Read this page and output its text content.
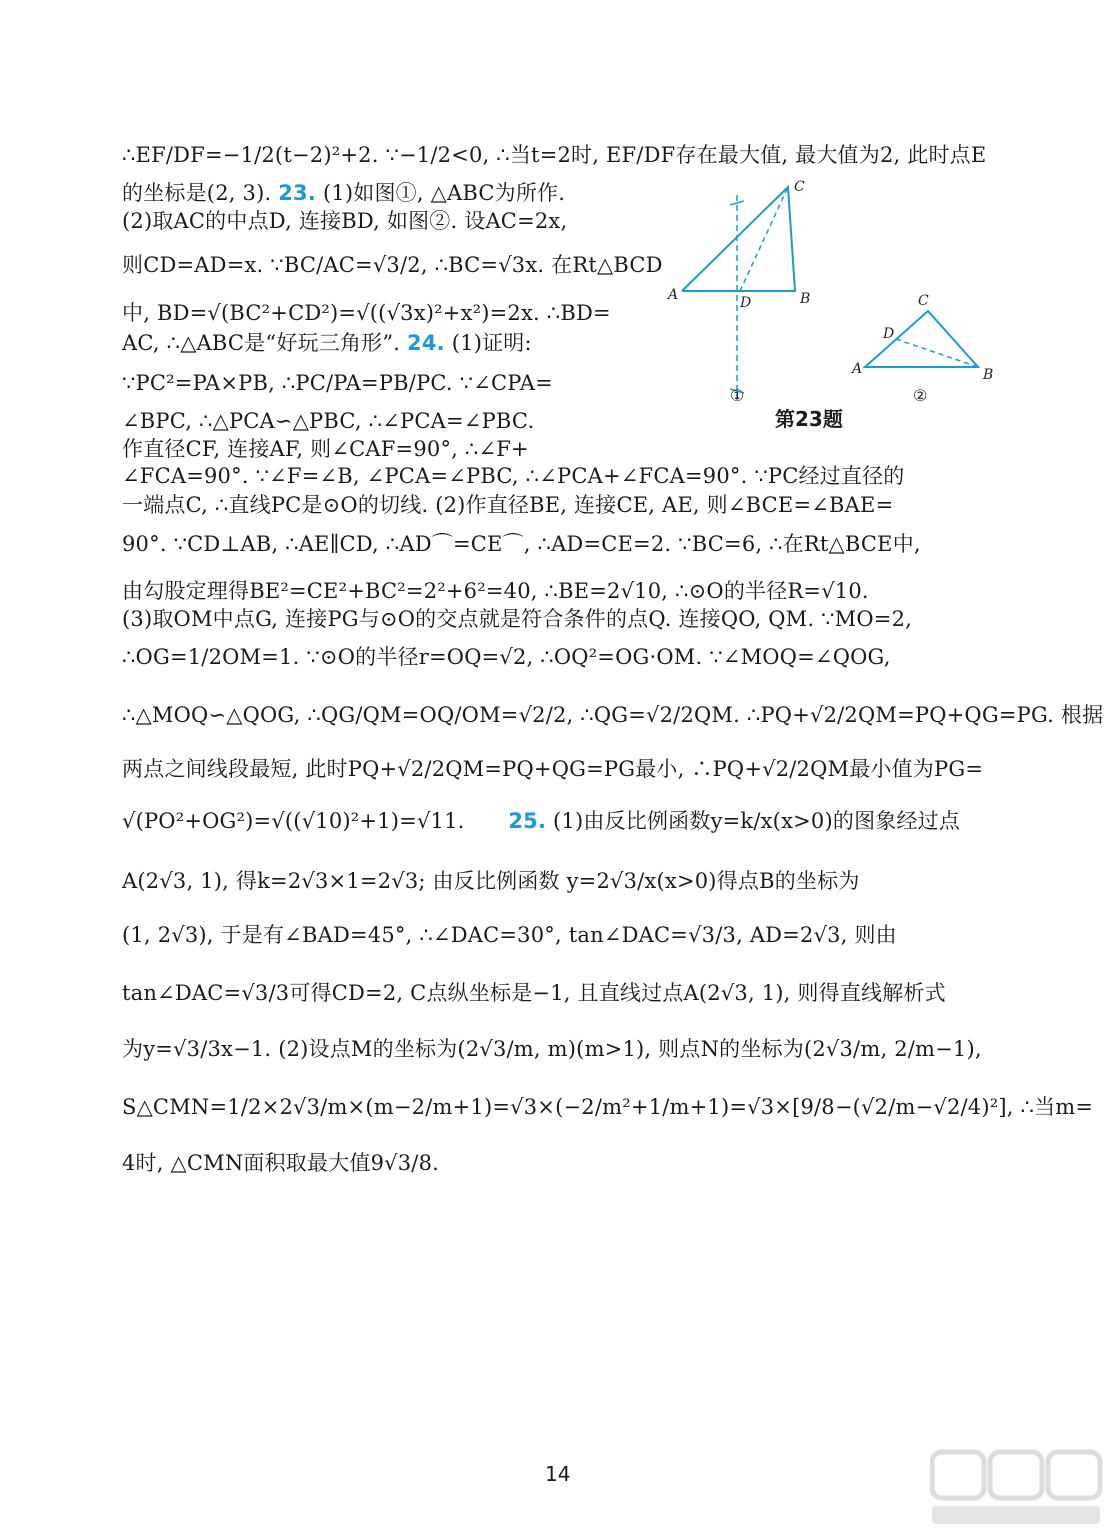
∴EF/DF=−1/2(t−2)²+2. ∵−1/2<0, ∴当t=2时, EF/DF存在最大值, 最大值为2, 此时点E
的坐标是(2, 3). 23. (1)如图①, △ABC为所作.
(2)取AC的中点D, 连接BD, 如图②. 设AC=2x,
则CD=AD=x. ∵BC/AC=√3/2, ∴BC=√3x. 在Rt△BCD
中, BD=√(BC²+CD²)=√((√3x)²+x²)=2x. ∴BD=
AC, ∴△ABC是“好玩三角形”. 24. (1)证明:
∵PC²=PA×PB, ∴PC/PA=PB/PC. ∵∠CPA=
∠BPC, ∴△PCA∽△PBC, ∴∠PCA=∠PBC.
作直径CF, 连接AF, 则∠CAF=90°, ∴∠F+
∠FCA=90°. ∵∠F=∠B, ∠PCA=∠PBC, ∴∠PCA+∠FCA=90°. ∵PC经过直径的
一端点C, ∴直线PC是⊙O的切线. (2)作直径BE, 连接CE, AE, 则∠BCE=∠BAE=
90°. ∵CD⊥AB, ∴AE∥CD, ∴AD⌒=CE⌒, ∴AD=CE=2. ∵BC=6, ∴在Rt△BCE中,
由勾股定理得BE²=CE²+BC²=2²+6²=40, ∴BE=2√10, ∴⊙O的半径R=√10.
(3)取OM中点G, 连接PG与⊙O的交点就是符合条件的点Q. 连接QO, QM. ∵MO=2,
∴OG=1/2OM=1. ∵⊙O的半径r=OQ=√2, ∴OQ²=OG·OM. ∵∠MOQ=∠QOG,
∴△MOQ∽△QOG, ∴QG/QM=OQ/OM=√2/2, ∴QG=√2/2QM. ∴PQ+√2/2QM=PQ+QG=PG. 根据
两点之间线段最短, 此时PQ+√2/2QM=PQ+QG=PG最小, ∴PQ+√2/2QM最小值为PG=
√(PO²+OG²)=√((√10)²+1)=√11. 25. (1)由反比例函数y=k/x(x>0)的图象经过点
A(2√3, 1), 得k=2√3×1=2√3; 由反比例函数 y=2√3/x(x>0)得点B的坐标为
(1, 2√3), 于是有∠BAD=45°, ∴∠DAC=30°, tan∠DAC=√3/3, AD=2√3, 则由
tan∠DAC=√3/3可得CD=2, C点纵坐标是−1, 且直线过点A(2√3, 1), 则得直线解析式
为y=√3/3x−1. (2)设点M的坐标为(2√3/m, m)(m>1), 则点N的坐标为(2√3/m, 2/m−1),
S△CMN=1/2×2√3/m×(m−2/m+1)=√3×(−2/m²+1/m+1)=√3×[9/8−(√2/m−√2/4)²], ∴当m=
4时, △CMN面积取最大值9√3/8.
A	D	B
C
①
A
D
B
C
②
第23题
14
